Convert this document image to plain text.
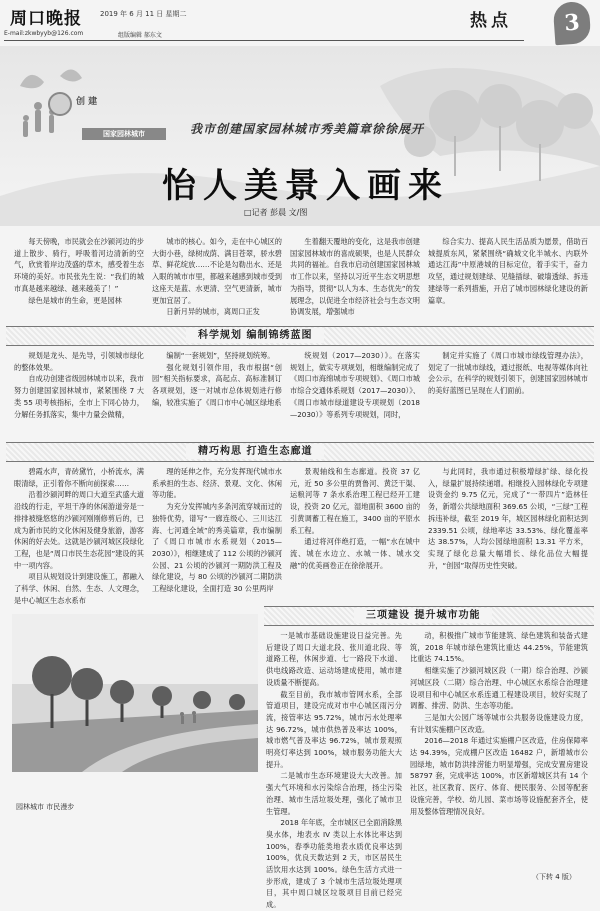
周口晚报	2019 年 6 月 11 日 星期二
E-mail:zkwbyyb@126.com	组版编辑 郝东文
热点	3
创 建
国家园林城市	我市创建国家园林城市秀美篇章徐徐展开
怡人美景入画来
□记者 彭晨 文/图

每天傍晚，市民就会在沙颍河边的步道上散步、骑行，呼吸着河边清新的空气，欣赏着岸边茂盛的草木，感受着生态环境的美好。市民张先生说：“我们的城市真是越来越绿、越来越美了！”

绿色是城市的生命，更是园林

城市的核心。如今，走在中心城区的大街小巷，绿树成荫、满目苍翠，骄水碧草、鲜花绽放……不论是勾勒出水、还是入眼的城市市里，都越来越感到城市受到这座天是蓝、水更清、空气更清新，城市更加宜居了。

日新月异的城市，离周口正发

生着翻天覆地的变化，这是我市创建国家园林城市的喜成硕果，也是人民群众共同的福祉。自我市启动创建国家园林城市工作以来，坚持以习近平生态文明思想为指导，贯彻“以人为本、生态优先”的发展理念，以促进全市经济社会与生态文明协调发展，增强城市

综合实力、提高人民生活品质为愿景，借助百城提质东风，紧紧围绕“确城文化半城水、内联外通达江海”中原港城的目标定位，着手实干，奋力攻坚，通过规划建绿、见缝插绿、破墙透绿、拆违建绿等一系列措施，开启了城市园林绿化建设的新篇章。

科学规划 编制锦绣蓝图

规划是龙头、是先导，引领城市绿化的整体效果。

自成功创建省级园林城市以来，我市努力创建国家园林城市，紧紧围绕 7 大类 55 项考核指标，全市上下同心协力，分解任务抓落实，集中力量会做精，

编制“一套规划”，坚持规划统筹。

强化规划引领作用，我市根据“创园”相关指标要求，高起点、高标准制订各项规划，逐一对城市总体规划进行修编，较准实施了《周口市中心城区绿地系

统规划（2017—2030）》。在落实规划上，做实专项规划，相继编制完成了《周口市海绵城市专项规划》、《周口市城市综合交通体系规划（2017—2030）》、《周口市城市绿道建设专项规划（2018—2030）》等系列专项规划，同时，

制定并实施了《周口市城市绿线管理办法》，划定了一批城市绿线，通过报纸、电视等媒体向社会公示，在科学的规划引领下，创建国家园林城市的美好蓝图已呈现在人们面前。

精巧构思 打造生态廊道

碧霞水声，青砖黛竹，小桥流水，满眼清绿，正引着你不断向前探索……

沿着沙颍河畔的周口大道至武盛大道沿线的行走，平坦干净的休闲游道旁是一排排被缝悠悠的沙颍河刚刚修剪后的，已成为新市民的文化休闲及健身旅游，游客休闲的好去处。这就是沙颍河城区段绿化工程，也是“周口市民生态花园”建设的其中一项内容。

项目从规划设计到建设施工，都融入了科学、休闲、自然、生态、人文理念，是中心城区生态水系布

理的延伸之作，充分发挥现代城市水系承担的生态、经济、景观、文化、休闲等功能。

为充分发挥城内多条河流穿城而过的独特优势，谱写“一廊连级心、三川达江海、七河通全域”的秀美篇章，我市编制了《周口市城市水系规划（2015—2030）》，相继建成了 112 公顷的沙颍河公园、21 公顷的沙颍河一期防洪工程及绿化建设，与 80 公顷的沙颍河二期防洪工程绿化建设，全面打造 30 公里两岸

景观轴线和生态廊道。投资 37 亿元，近 50 多公里的贾鲁河、黄泛干渠、运粮河等 7 条水系治理工程已经开工建设，投资 20 亿元，湿地面积 3600 亩的引黄调蓄工程在施工，3400 亩的平原水系工程。

通过将河伴绝打造，一幅“水在城中流、城在水边立、水城一体、城水交融”的优美画卷正在徐徐展开。

与此同时，我市通过积极增绿扩绿、绿化投入，绿量扩展持续递增。相继投入园林绿化专项建设资金约 9.75 亿元，完成了“一带四片”造林任务，新增公共绿地面积 369.65 公顷，“三绿”工程拆违补绿，截至 2019 年，城区园林绿化面积达到 2339.51 公顷，绿地率达 33.53%、绿化覆盖率达 38.57%，人均公园绿地面积 13.31 平方米，实现了绿化总量大幅增长、绿化品位大幅提升，“创园”取得历史性突破。

三项建设 提升城市功能
园林城市 市民漫步

一是城市基础设施建设日益完善。先后建设了周口大道北段、张川道北段、等道路工程，休闲步道、七一路段下水道、供电线路改造、运动场建成使用，城市建设质量不断提高。

截至目前，我市城市管网水系，全部管道项目，建设完成对市中心城区雨污分流，接管率达 95.72%，城市污水处理率达 96.72%，城市供热普及率达 100%，城市燃气普及率达 96.72%，城市景观照明亮灯率达到 100%，城市服务功能大大提升。

二是城市生态环境建设大大改善。加强大气环境和水污染综合治理，扬尘污染治理、城市生活垃圾处理，强化了城市卫生管理。

2018 年年底，全市城区已全面消除黑臭水体，地表水 IV 类以上水体比率达到 100%，春季功能类地表水质优良率达到 100%，优良天数达到 2 天，市区居民生活饮用水达到 100%。绿色生活方式进一步形成，建成了 3 个城市生活垃圾处理项目，其中周口城区垃圾项目目前已经完成。

动，积极推广城市节能建筑、绿色建筑和装备式建筑，2018 年城市绿色建筑比重达 44.25%，节能建筑比重达 74.15%。

相继实施了沙颍河城区段（一期）综合治理、沙颍河城区段（二期）综合治理、中心城区水系综合治理建设项目和中心城区水系连通工程建设项目，较好实现了调蓄、排涝、防洪、生态等功能。

三是加大公园广场等城市公共服务设施建设力度，有计划实施棚户区改造。

2016—2018 年通过实施棚户区改造，住房保障率达 94.39%，完成棚户区改造 16482 户，新增城市公园绿地，城市防洪排涝能力明显增强，完成安置房建设 58797 套，完成率达 100%，市区新增城区共有 14 个社区，社区教育、医疗、体育、便民服务、公园等配套设施完善，学校、幼儿园、菜市场等设施配套齐全，使用及整体管理情况良好。

（下转 4 版）
